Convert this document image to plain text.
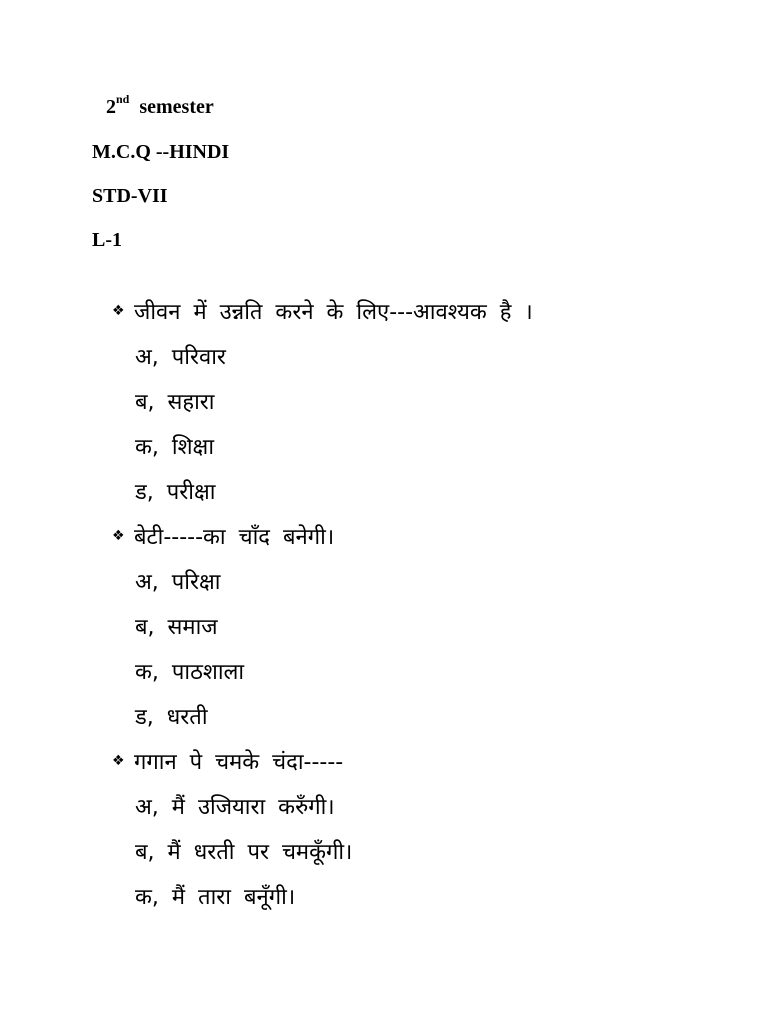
2nd semester
M.C.Q --HINDI
STD-VII
L-1
❖ जीवन में उन्नति करने के लिए---आवश्यक है ।
अ, परिवार
ब, सहारा
क, शिक्षा
ड, परीक्षा
❖ बेटी-----का चाँद बनेगी।
अ, परिक्षा
ब, समाज
क, पाठशाला
ड, धरती
❖ गगान पे चमके चंदा-----
अ, मैं उजियारा करुँगी।
ब, मैं धरती पर चमकूँगी।
क, मैं तारा बनूँगी।
